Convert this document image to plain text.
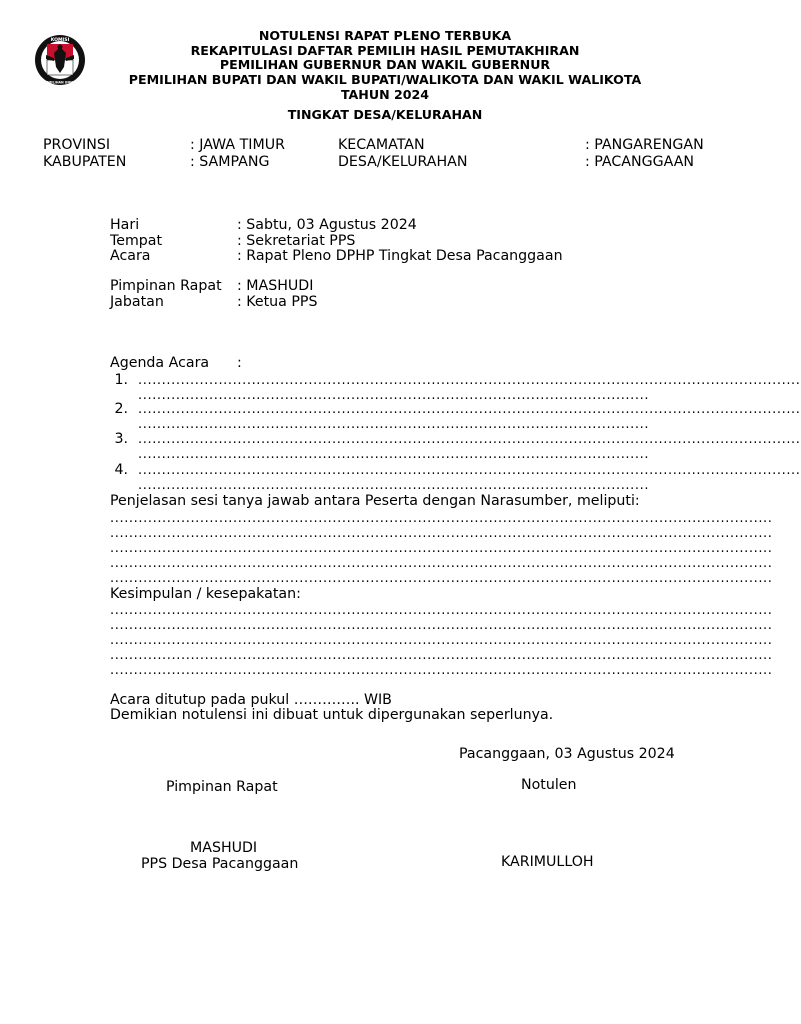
KOMISI
PEMILIHAN UMUM
NOTULENSI RAPAT PLENO TERBUKA
REKAPITULASI DAFTAR PEMILIH HASIL PEMUTAKHIRAN
PEMILIHAN GUBERNUR DAN WAKIL GUBERNUR
PEMILIHAN BUPATI DAN WAKIL BUPATI/WALIKOTA DAN WAKIL WALIKOTA
TAHUN 2024
TINGKAT DESA/KELURAHAN
PROVINSI	: JAWA TIMUR	KECAMATAN	: PANGARENGAN
KABUPATEN	: SAMPANG	DESA/KELURAHAN	: PACANGGAAN
Hari	: Sabtu, 03 Agustus 2024
Tempat	: Sekretariat PPS
Acara	: Rapat Pleno DPHP Tingkat Desa Pacanggaan
Pimpinan Rapat : MASHUDI
Jabatan	: Ketua PPS
Agenda Acara :
1. ............................................................................................................................................
............................................................................................................
2. ............................................................................................................................................
............................................................................................................
3. ............................................................................................................................................
............................................................................................................
4. ............................................................................................................................................
............................................................................................................
Penjelasan sesi tanya jawab antara Peserta dengan Narasumber, meliputi:
............................................................................................................................................
............................................................................................................................................
............................................................................................................................................
............................................................................................................................................
............................................................................................................................................
Kesimpulan / kesepakatan:
............................................................................................................................................
............................................................................................................................................
............................................................................................................................................
............................................................................................................................................
............................................................................................................................................
Acara ditutup pada pukul ………….. WIB
Demikian notulensi ini dibuat untuk dipergunakan seperlunya.
Pacanggaan, 03 Agustus 2024
Pimpinan Rapat	Notulen
MASHUDI
PPS Desa Pacanggaan	KARIMULLOH
